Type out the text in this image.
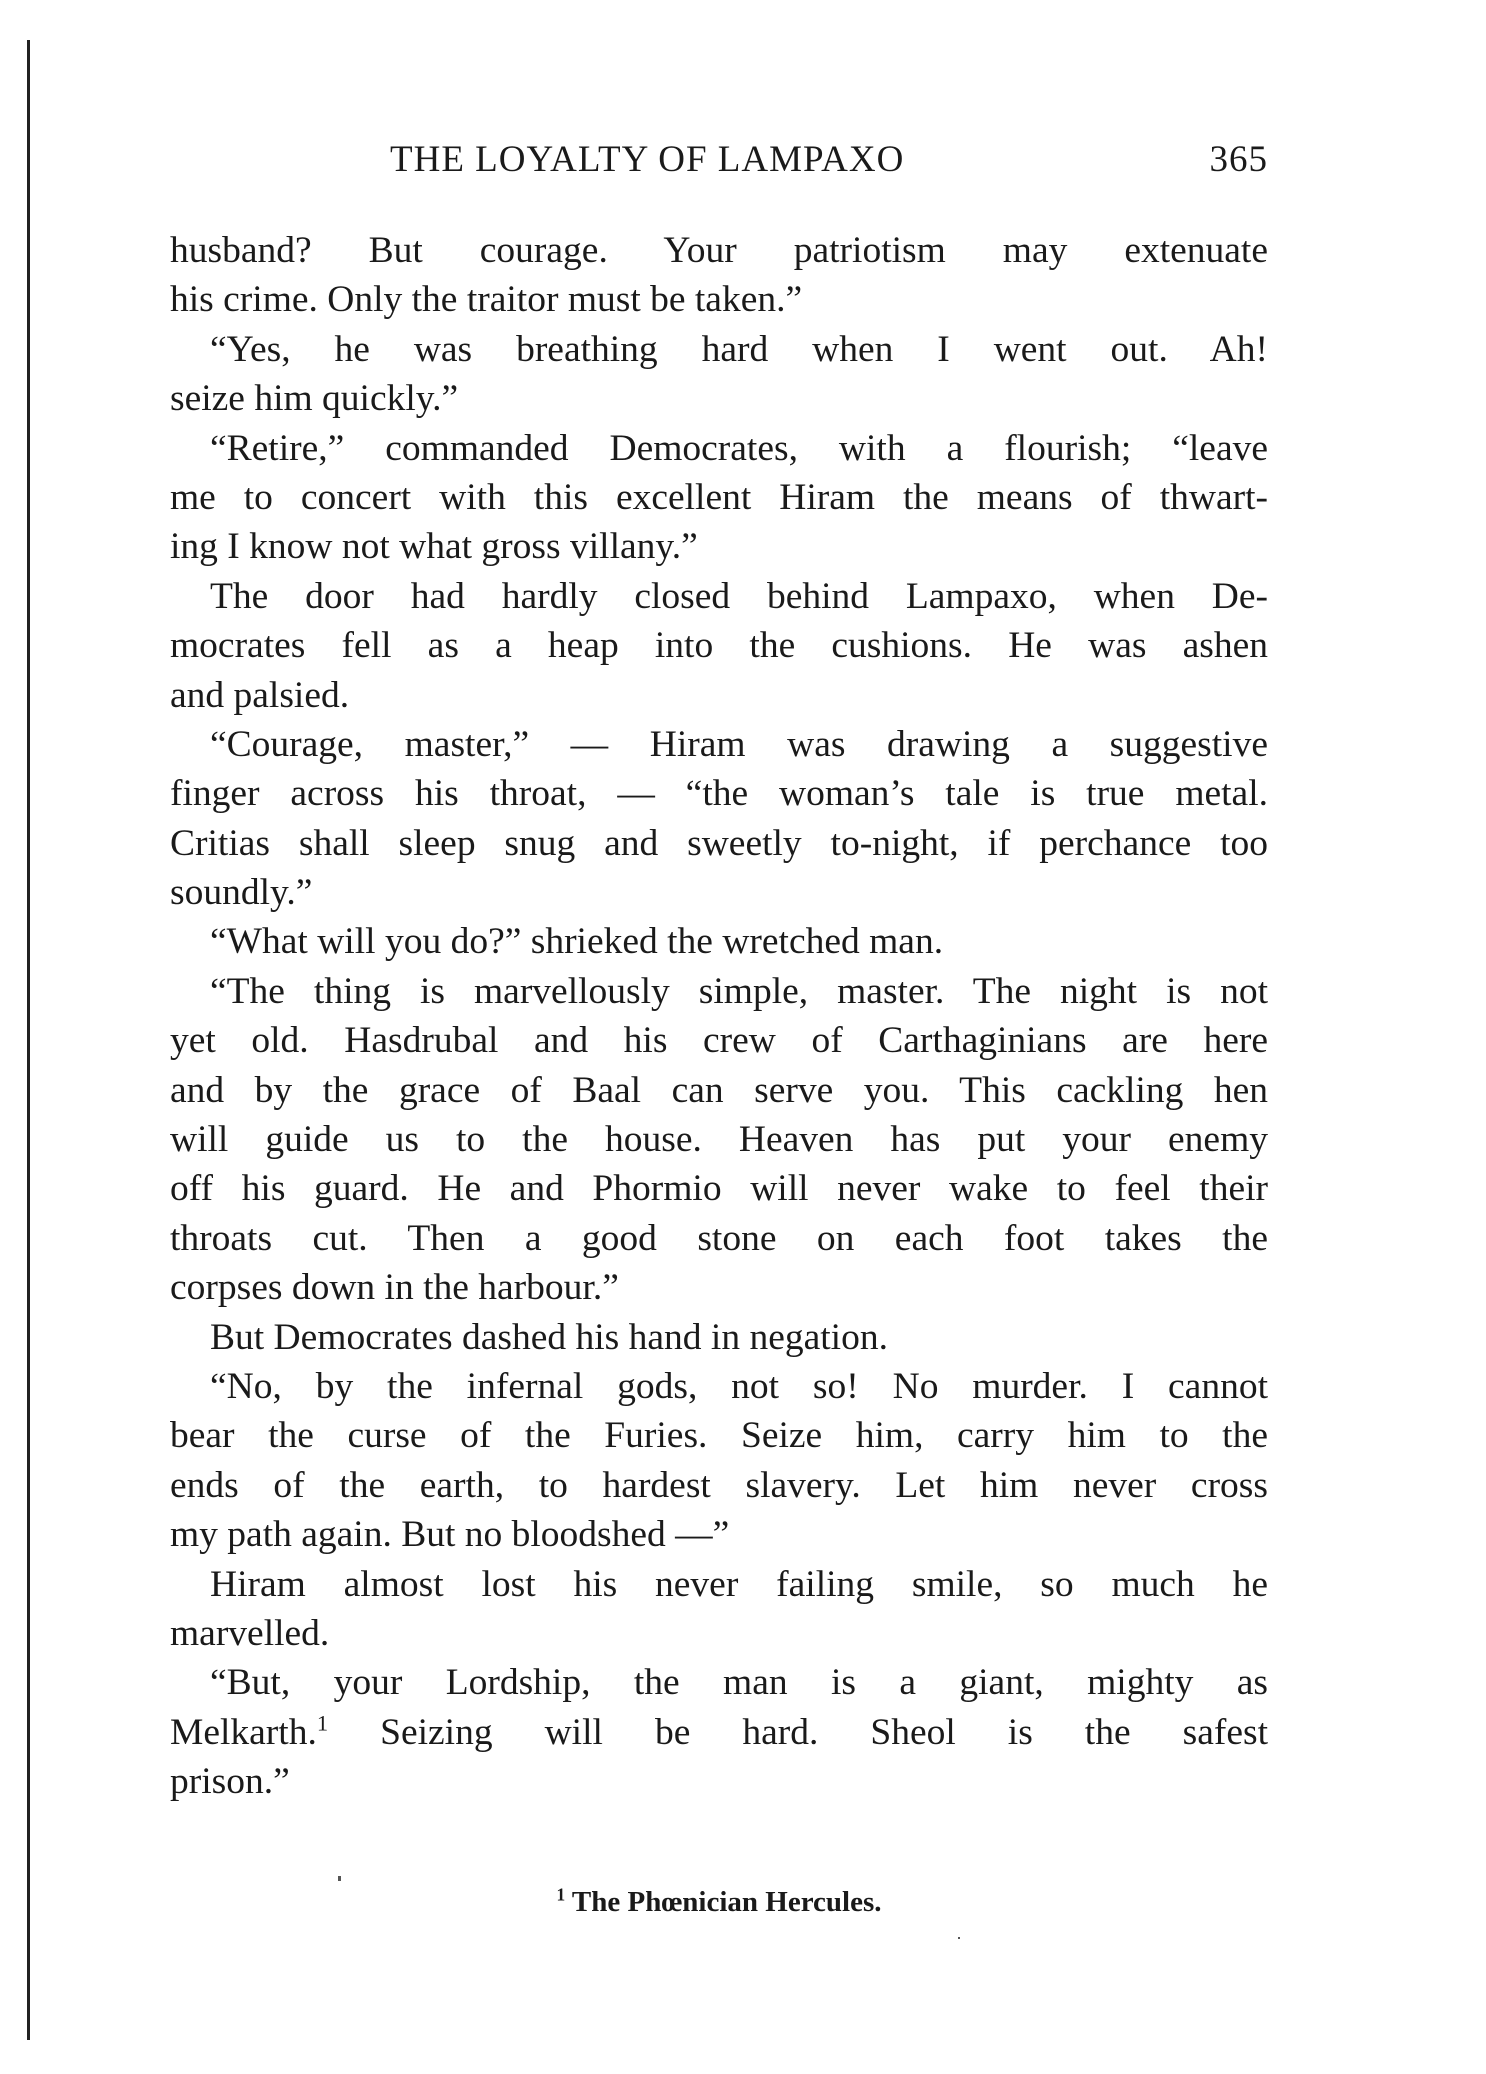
THE LOYALTY OF LAMPAXO	365
husband? But courage. Your patriotism may extenuate
his crime. Only the traitor must be taken.”
“Yes, he was breathing hard when I went out. Ah!
seize him quickly.”
“Retire,” commanded Democrates, with a flourish; “leave
me to concert with this excellent Hiram the means of thwart-
ing I know not what gross villany.”
The door had hardly closed behind Lampaxo, when De-
mocrates fell as a heap into the cushions. He was ashen
and palsied.
“Courage, master,” — Hiram was drawing a suggestive
finger across his throat, — “the woman’s tale is true metal.
Critias shall sleep snug and sweetly to-night, if perchance too
soundly.”
“What will you do?” shrieked the wretched man.
“The thing is marvellously simple, master. The night is not
yet old. Hasdrubal and his crew of Carthaginians are here
and by the grace of Baal can serve you. This cackling hen
will guide us to the house. Heaven has put your enemy
off his guard. He and Phormio will never wake to feel their
throats cut. Then a good stone on each foot takes the
corpses down in the harbour.”
But Democrates dashed his hand in negation.
“No, by the infernal gods, not so! No murder. I cannot
bear the curse of the Furies. Seize him, carry him to the
ends of the earth, to hardest slavery. Let him never cross
my path again. But no bloodshed —”
Hiram almost lost his never failing smile, so much he
marvelled.
“But, your Lordship, the man is a giant, mighty as
Melkarth.$^1$ Seizing will be hard. Sheol is the safest
prison.”
$^1$ The Phœnician Hercules.
